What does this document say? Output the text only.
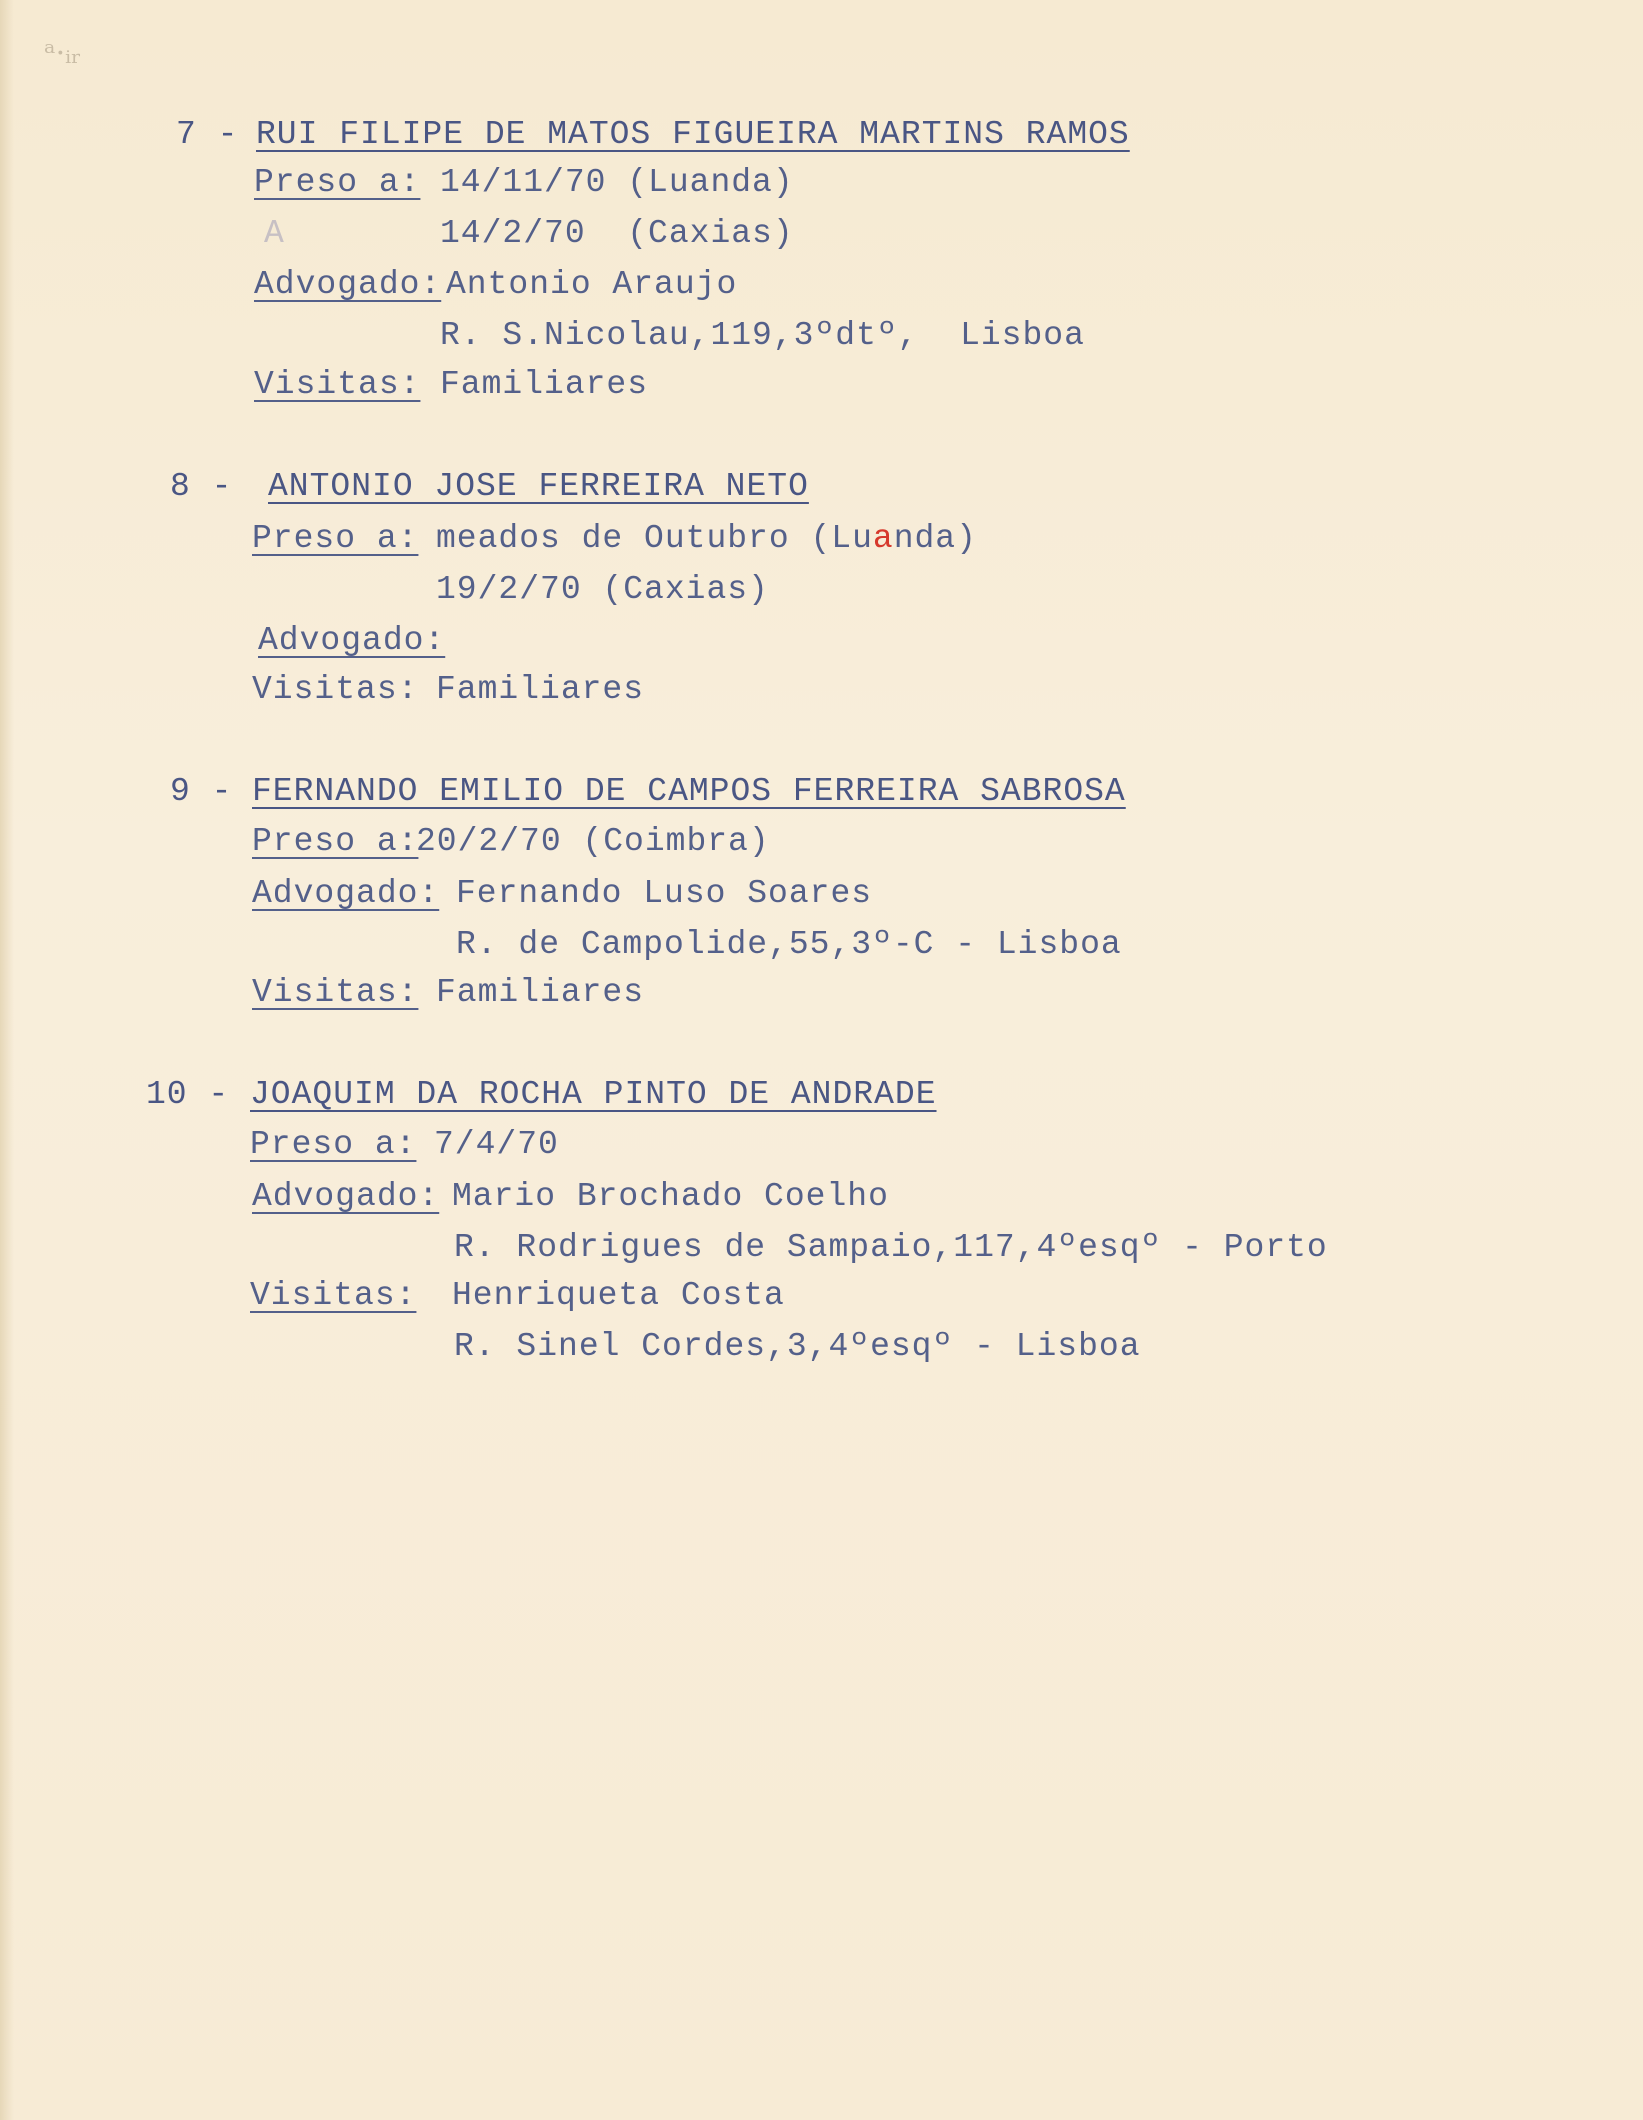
ᵃ·ᵢᵣ
7 - RUI FILIPE DE MATOS FIGUEIRA MARTINS RAMOS
Preso a: 14/11/70 (Luanda)
A	14/2/70  (Caxias)
Advogado: Antonio Araujo
R. S.Nicolau,119,3ºdtº,  Lisboa
Visitas: Familiares
8 - ANTONIO JOSE FERREIRA NETO
Preso a: meados de Outubro (Luanda)
19/2/70 (Caxias)
Advogado:
Visitas: Familiares
9 - FERNANDO EMILIO DE CAMPOS FERREIRA SABROSA
Preso a:
20/2/70 (Coimbra)
Advogado: Fernando Luso Soares
R. de Campolide,55,3º-C - Lisboa
Visitas: Familiares
10 - JOAQUIM DA ROCHA PINTO DE ANDRADE
Preso a: 7/4/70
Advogado: Mario Brochado Coelho
R. Rodrigues de Sampaio,117,4ºesqº - Porto
Visitas: Henriqueta Costa
R. Sinel Cordes,3,4ºesqº - Lisboa
